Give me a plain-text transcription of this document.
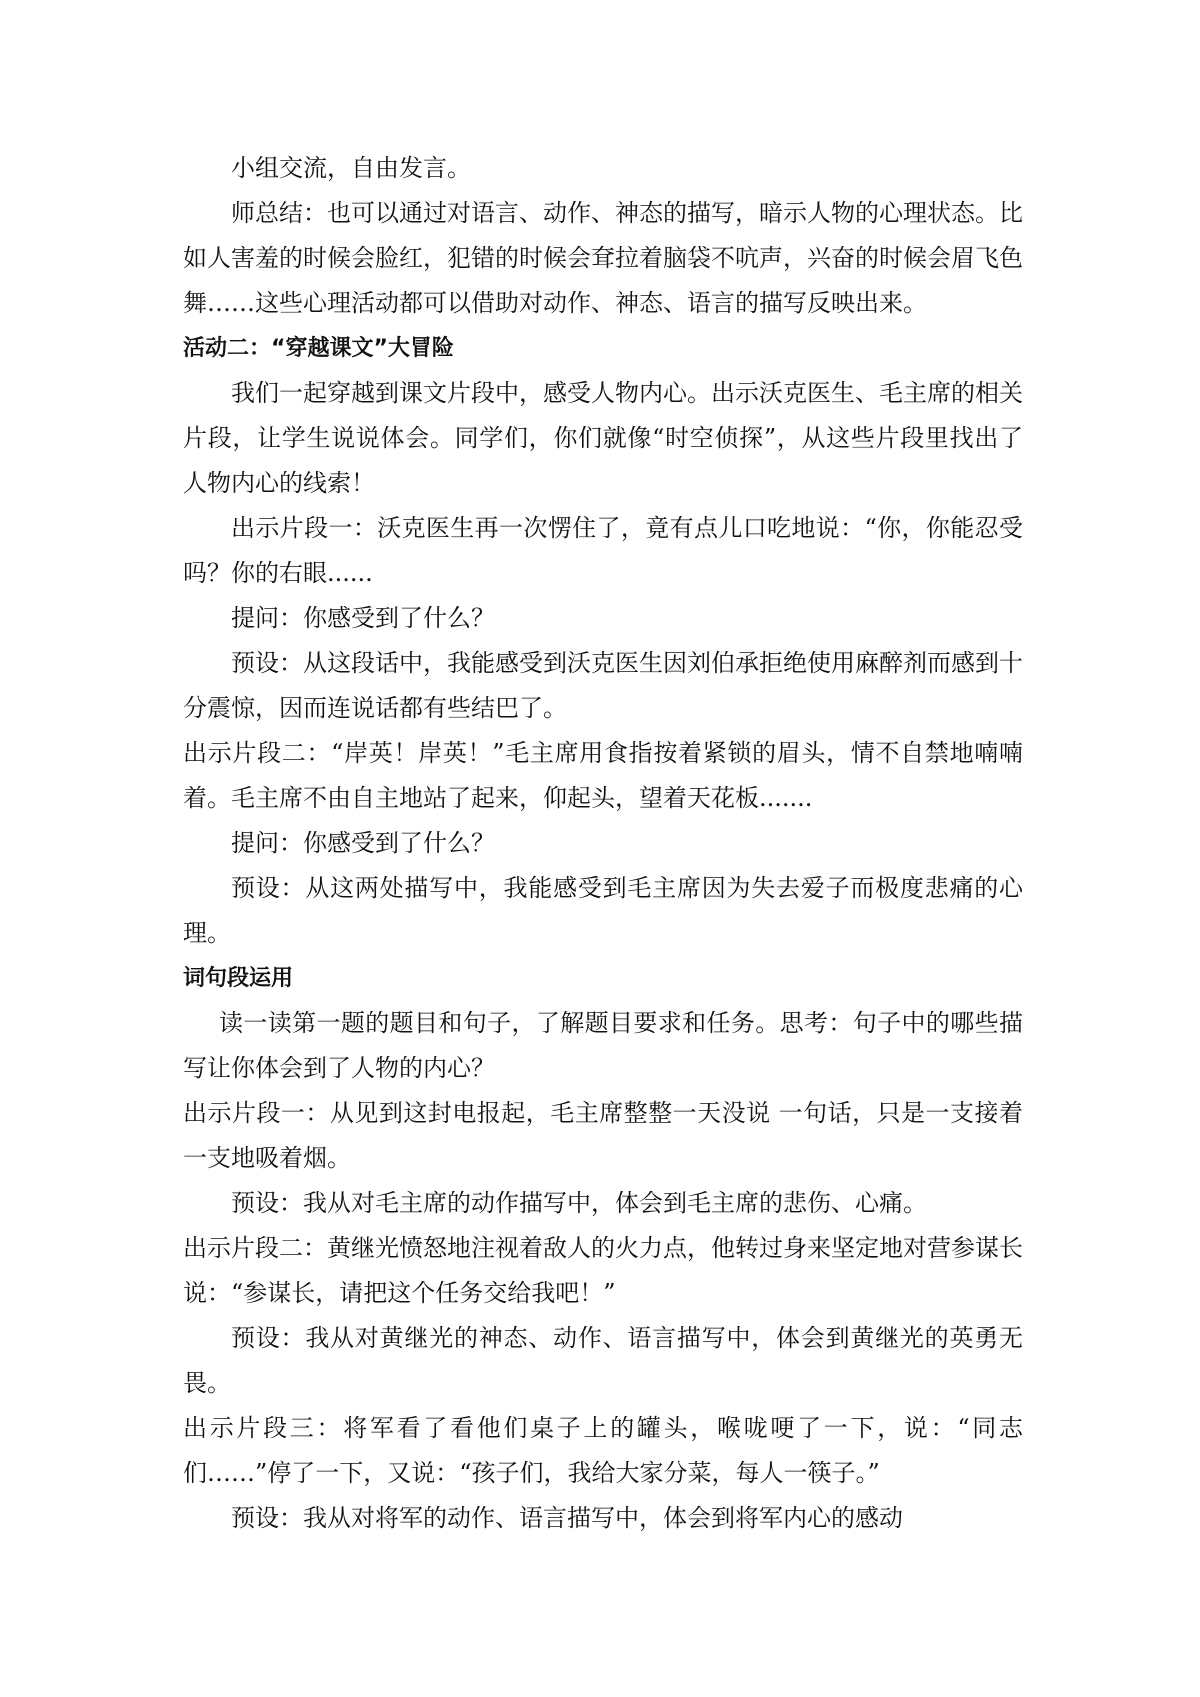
小组交流，自由发言。

师总结：也可以通过对语言、动作、神态的描写，暗示人物的心理状态。比如人害羞的时候会脸红，犯错的时候会耷拉着脑袋不吭声，兴奋的时候会眉飞色舞……这些心理活动都可以借助对动作、神态、语言的描写反映出来。

活动二：“穿越课文”大冒险

我们一起穿越到课文片段中，感受人物内心。出示沃克医生、毛主席的相关片段，让学生说说体会。同学们，你们就像“时空侦探”，从这些片段里找出了人物内心的线索！

出示片段一：沃克医生再一次愣住了，竟有点儿口吃地说：“你，你能忍受吗？你的右眼......

提问：你感受到了什么？

预设：从这段话中，我能感受到沃克医生因刘伯承拒绝使用麻醉剂而感到十分震惊，因而连说话都有些结巴了。

出示片段二：“岸英！岸英！”毛主席用食指按着紧锁的眉头，情不自禁地喃喃着。毛主席不由自主地站了起来，仰起头，望着天花板.......

提问：你感受到了什么？

预设：从这两处描写中，我能感受到毛主席因为失去爱子而极度悲痛的心理。

词句段运用

读一读第一题的题目和句子，了解题目要求和任务。思考：句子中的哪些描写让你体会到了人物的内心？

出示片段一：从见到这封电报起，毛主席整整一天没说 一句话，只是一支接着一支地吸着烟。

预设：我从对毛主席的动作描写中，体会到毛主席的悲伤、心痛。

出示片段二：黄继光愤怒地注视着敌人的火力点，他转过身来坚定地对营参谋长说：“参谋长，请把这个任务交给我吧！”

预设：我从对黄继光的神态、动作、语言描写中，体会到黄继光的英勇无畏。

出示片段三：将军看了看他们桌子上的罐头，喉咙哽了一下，说：“同志们……”停了一下，又说：“孩子们，我给大家分菜，每人一筷子。”

预设：我从对将军的动作、语言描写中，体会到将军内心的感动
